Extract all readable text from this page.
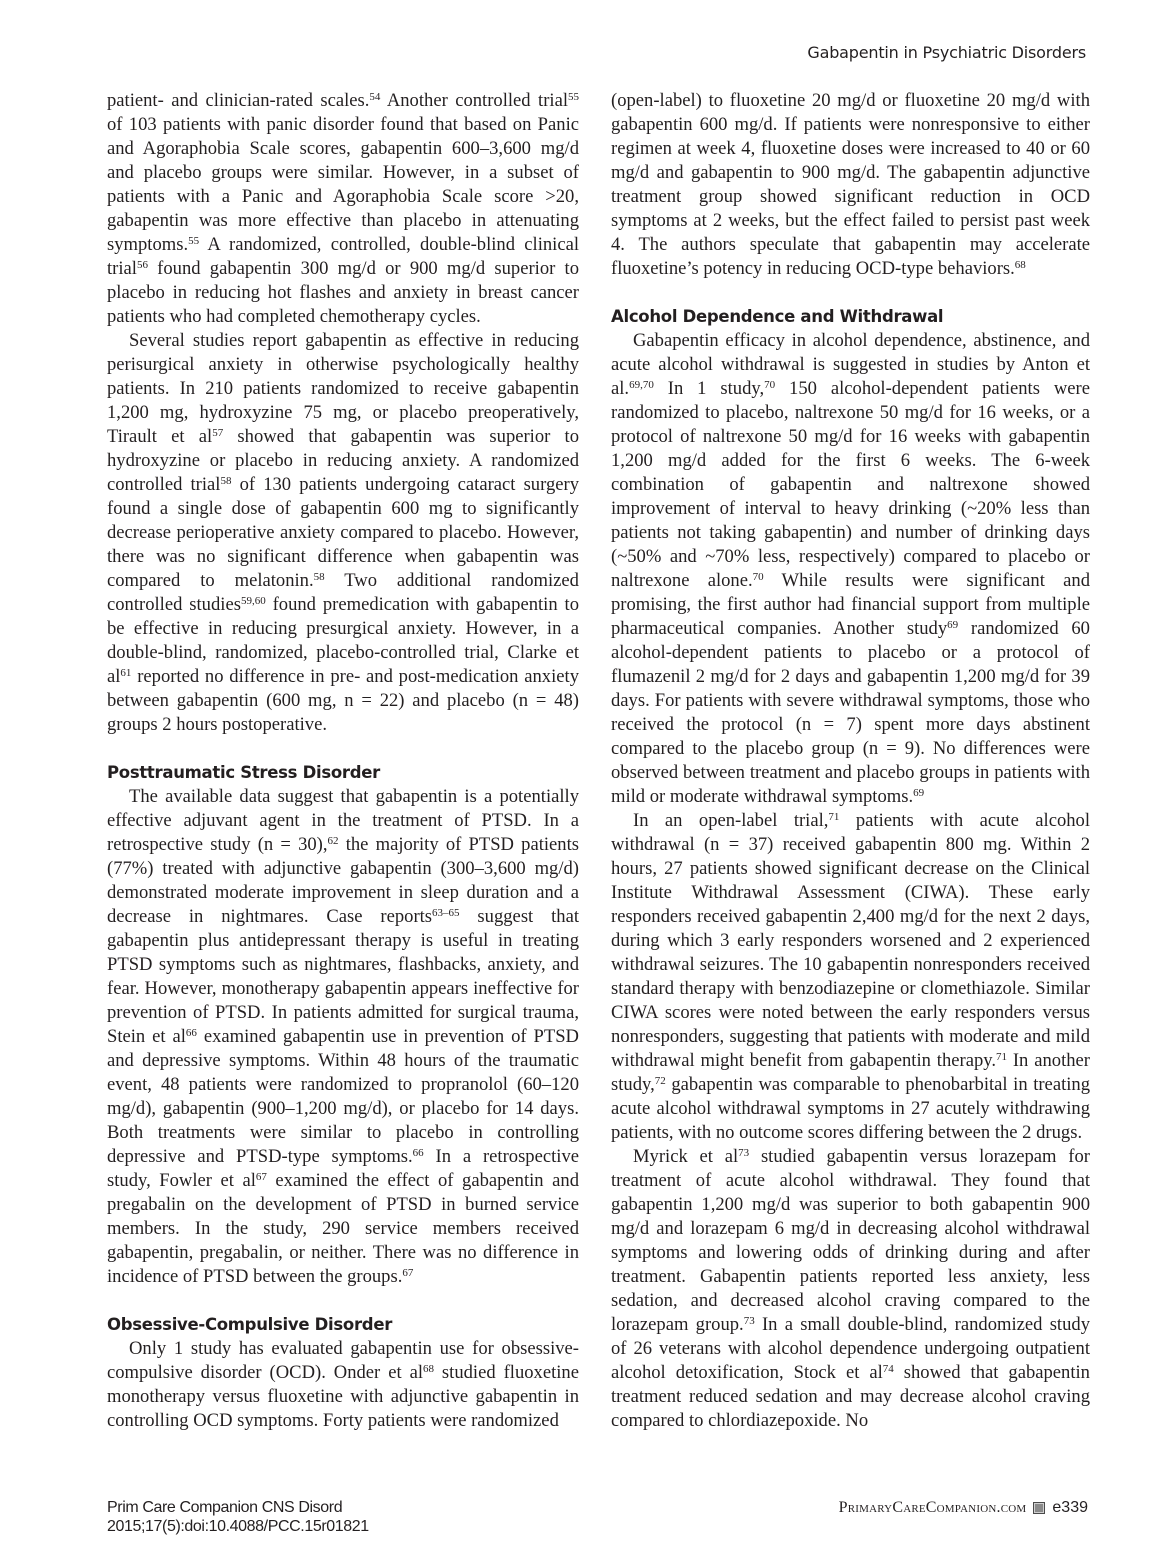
Gabapentin in Psychiatric Disorders

patient- and clinician-rated scales.$^{54}$ Another controlled trial$^{55}$ of 103 patients with panic disorder found that based on Panic and Agoraphobia Scale scores, gabapentin 600–3,600 mg/d and placebo groups were similar. However, in a subset of patients with a Panic and Agoraphobia Scale score >20, gabapentin was more effective than placebo in attenuating symptoms.$^{55}$ A randomized, controlled, double-blind clinical trial$^{56}$ found gabapentin 300 mg/d or 900 mg/d superior to placebo in reducing hot flashes and anxiety in breast cancer patients who had completed chemotherapy cycles.

Several studies report gabapentin as effective in reducing perisurgical anxiety in otherwise psychologically healthy patients. In 210 patients randomized to receive gabapentin 1,200 mg, hydroxyzine 75 mg, or placebo preoperatively, Tirault et $al^{57}$ showed that gabapentin was superior to hydroxyzine or placebo in reducing anxiety. A randomized controlled trial$^{58}$ of 130 patients undergoing cataract surgery found a single dose of gabapentin 600 mg to significantly decrease perioperative anxiety compared to placebo. However, there was no significant difference when gabapentin was compared to melatonin.$^{58}$ Two additional randomized controlled studies$^{59,60}$ found premedication with gabapentin to be effective in reducing presurgical anxiety. However, in a double-blind, randomized, placebo-controlled trial, Clarke et $al^{61}$ reported no difference in pre- and post-medication anxiety between gabapentin (600 mg, n = 22) and placebo (n = 48) groups 2 hours postoperative.

Posttraumatic Stress Disorder

The available data suggest that gabapentin is a potentially effective adjuvant agent in the treatment of PTSD. In a retrospective study (n = 30),$^{62}$ the majority of PTSD patients (77%) treated with adjunctive gabapentin (300–3,600 mg/d) demonstrated moderate improvement in sleep duration and a decrease in nightmares. Case reports$^{63-65}$ suggest that gabapentin plus antidepressant therapy is useful in treating PTSD symptoms such as nightmares, flashbacks, anxiety, and fear. However, monotherapy gabapentin appears ineffective for prevention of PTSD. In patients admitted for surgical trauma, Stein et $al^{66}$ examined gabapentin use in prevention of PTSD and depressive symptoms. Within 48 hours of the traumatic event, 48 patients were randomized to propranolol (60–120 mg/d), gabapentin (900–1,200 mg/d), or placebo for 14 days. Both treatments were similar to placebo in controlling depressive and PTSD-type symptoms.$^{66}$ In a retrospective study, Fowler et $al^{67}$ examined the effect of gabapentin and pregabalin on the development of PTSD in burned service members. In the study, 290 service members received gabapentin, pregabalin, or neither. There was no difference in incidence of PTSD between the groups.$^{67}$

Obsessive-Compulsive Disorder

Only 1 study has evaluated gabapentin use for obsessive-compulsive disorder (OCD). Onder et $al^{68}$ studied fluoxetine monotherapy versus fluoxetine with adjunctive gabapentin in controlling OCD symptoms. Forty patients were randomized

(open-label) to fluoxetine 20 mg/d or fluoxetine 20 mg/d with gabapentin 600 mg/d. If patients were nonresponsive to either regimen at week 4, fluoxetine doses were increased to 40 or 60 mg/d and gabapentin to 900 mg/d. The gabapentin adjunctive treatment group showed significant reduction in OCD symptoms at 2 weeks, but the effect failed to persist past week 4. The authors speculate that gabapentin may accelerate fluoxetine’s potency in reducing OCD-type behaviors.$^{68}$

Alcohol Dependence and Withdrawal

Gabapentin efficacy in alcohol dependence, abstinence, and acute alcohol withdrawal is suggested in studies by Anton et al.$^{69,70}$ In 1 study,$^{70}$ 150 alcohol-dependent patients were randomized to placebo, naltrexone 50 mg/d for 16 weeks, or a protocol of naltrexone 50 mg/d for 16 weeks with gabapentin 1,200 mg/d added for the first 6 weeks. The 6-week combination of gabapentin and naltrexone showed improvement of interval to heavy drinking (~20% less than patients not taking gabapentin) and number of drinking days (~50% and ~70% less, respectively) compared to placebo or naltrexone alone.$^{70}$ While results were significant and promising, the first author had financial support from multiple pharmaceutical companies. Another study$^{69}$ randomized 60 alcohol-dependent patients to placebo or a protocol of flumazenil 2 mg/d for 2 days and gabapentin 1,200 mg/d for 39 days. For patients with severe withdrawal symptoms, those who received the protocol (n = 7) spent more days abstinent compared to the placebo group (n = 9). No differences were observed between treatment and placebo groups in patients with mild or moderate withdrawal symptoms.$^{69}$

In an open-label trial,$^{71}$ patients with acute alcohol withdrawal (n = 37) received gabapentin 800 mg. Within 2 hours, 27 patients showed significant decrease on the Clinical Institute Withdrawal Assessment (CIWA). These early responders received gabapentin 2,400 mg/d for the next 2 days, during which 3 early responders worsened and 2 experienced withdrawal seizures. The 10 gabapentin nonresponders received standard therapy with benzodiazepine or clomethiazole. Similar CIWA scores were noted between the early responders versus nonresponders, suggesting that patients with moderate and mild withdrawal might benefit from gabapentin therapy.$^{71}$ In another study,$^{72}$ gabapentin was comparable to phenobarbital in treating acute alcohol withdrawal symptoms in 27 acutely withdrawing patients, with no outcome scores differing between the 2 drugs.

Myrick et $al^{73}$ studied gabapentin versus lorazepam for treatment of acute alcohol withdrawal. They found that gabapentin 1,200 mg/d was superior to both gabapentin 900 mg/d and lorazepam 6 mg/d in decreasing alcohol withdrawal symptoms and lowering odds of drinking during and after treatment. Gabapentin patients reported less anxiety, less sedation, and decreased alcohol craving compared to the lorazepam group.$^{73}$ In a small double-blind, randomized study of 26 veterans with alcohol dependence undergoing outpatient alcohol detoxification, Stock et $al^{74}$ showed that gabapentin treatment reduced sedation and may decrease alcohol craving compared to chlordiazepoxide. No

Prim Care Companion CNS Disord
2015;17(5):doi:10.4088/PCC.15r01821
PrimaryCareCompanion.com e339
